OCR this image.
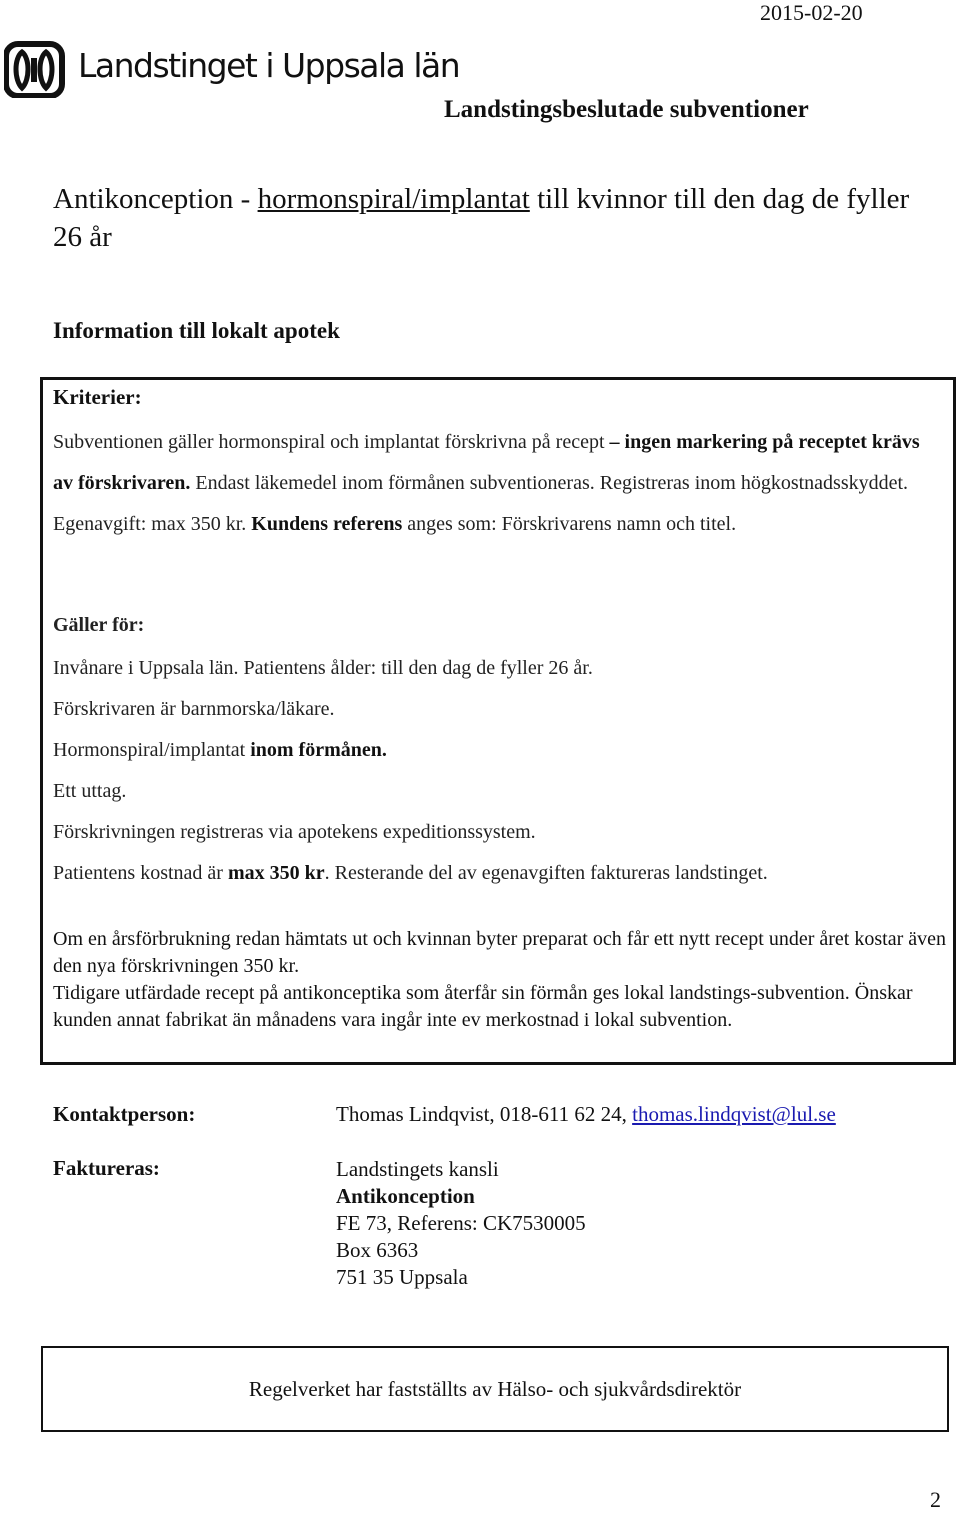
2015-02-20
Landstinget i Uppsala län
Landstingsbeslutade subventioner
Antikonception - hormonspiral/implantat till kvinnor till den dag de fyller 26 år
Information till lokalt apotek
Kriterier:
Subventionen gäller hormonspiral och implantat förskrivna på recept – ingen markering på receptet krävs av förskrivaren. Endast läkemedel inom förmånen subventioneras. Registreras inom högkostnadsskyddet. Egenavgift: max 350 kr. Kundens referens anges som: Förskrivarens namn och titel.
Gäller för:
Invånare i Uppsala län. Patientens ålder: till den dag de fyller 26 år.
Förskrivaren är barnmorska/läkare.
Hormonspiral/implantat inom förmånen.
Ett uttag.
Förskrivningen registreras via apotekens expeditionssystem.
Patientens kostnad är max 350 kr. Resterande del av egenavgiften faktureras landstinget.

Om en årsförbrukning redan hämtats ut och kvinnan byter preparat och får ett nytt recept under året kostar även den nya förskrivningen 350 kr.

Tidigare utfärdade recept på antikonceptika som återfår sin förmån ges lokal landstings-subvention. Önskar kunden annat fabrikat än månadens vara ingår inte ev merkostnad i lokal subvention.

Kontaktperson:	Thomas Lindqvist, 018-611 62 24, thomas.lindqvist@lul.se
Faktureras:	Landstingets kansli
Antikonception
FE 73, Referens: CK7530005
Box 6363
751 35 Uppsala
Regelverket har fastställts av Hälso- och sjukvårdsdirektör
2
